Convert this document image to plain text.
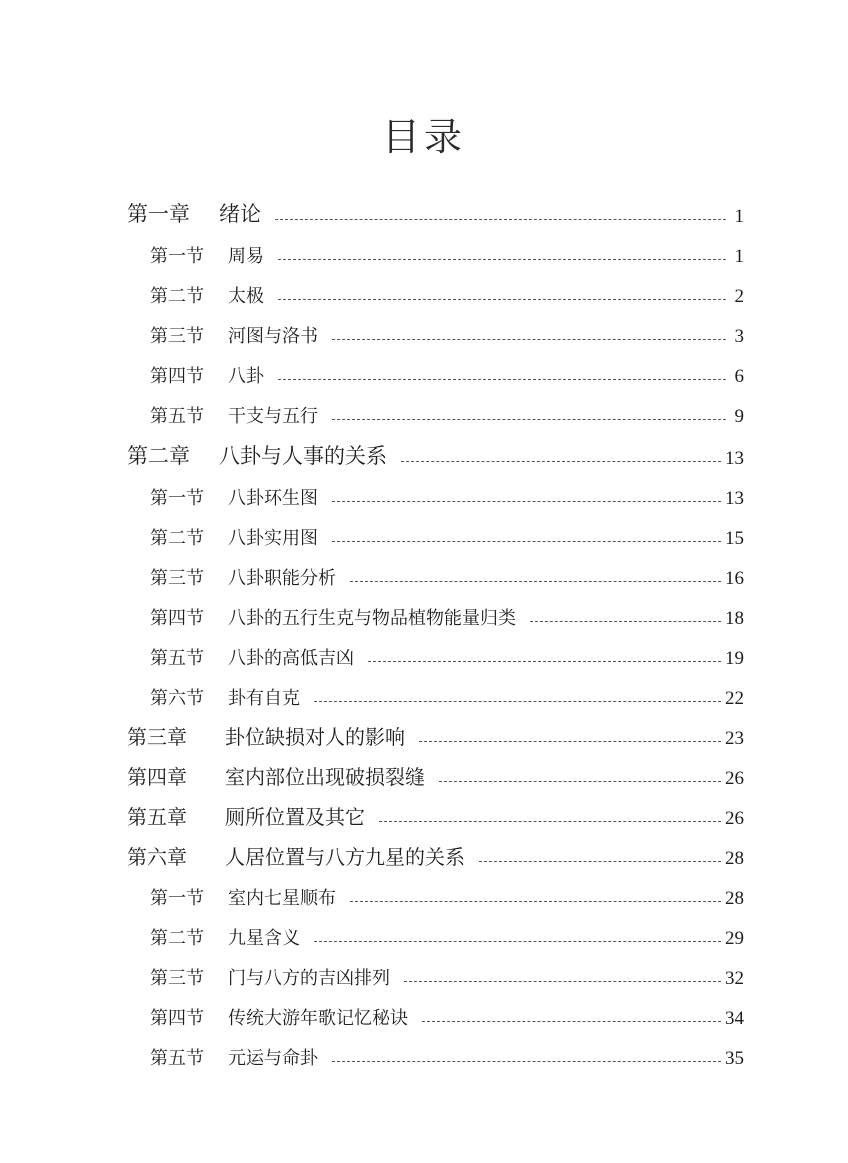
目录
第一章	绪论	1
第一节	周易	1
第二节	太极	2
第三节	河图与洛书	3
第四节	八卦	6
第五节	干支与五行	9
第二章	八卦与人事的关系	13
第一节	八卦环生图	13
第二节	八卦实用图	15
第三节	八卦职能分析	16
第四节	八卦的五行生克与物品植物能量归类	18
第五节	八卦的高低吉凶	19
第六节	卦有自克	22
第三章	卦位缺损对人的影响	23
第四章	室内部位出现破损裂缝	26
第五章	厕所位置及其它	26
第六章	人居位置与八方九星的关系	28
第一节	室内七星顺布	28
第二节	九星含义	29
第三节	门与八方的吉凶排列	32
第四节	传统大游年歌记忆秘诀	34
第五节	元运与命卦	35
